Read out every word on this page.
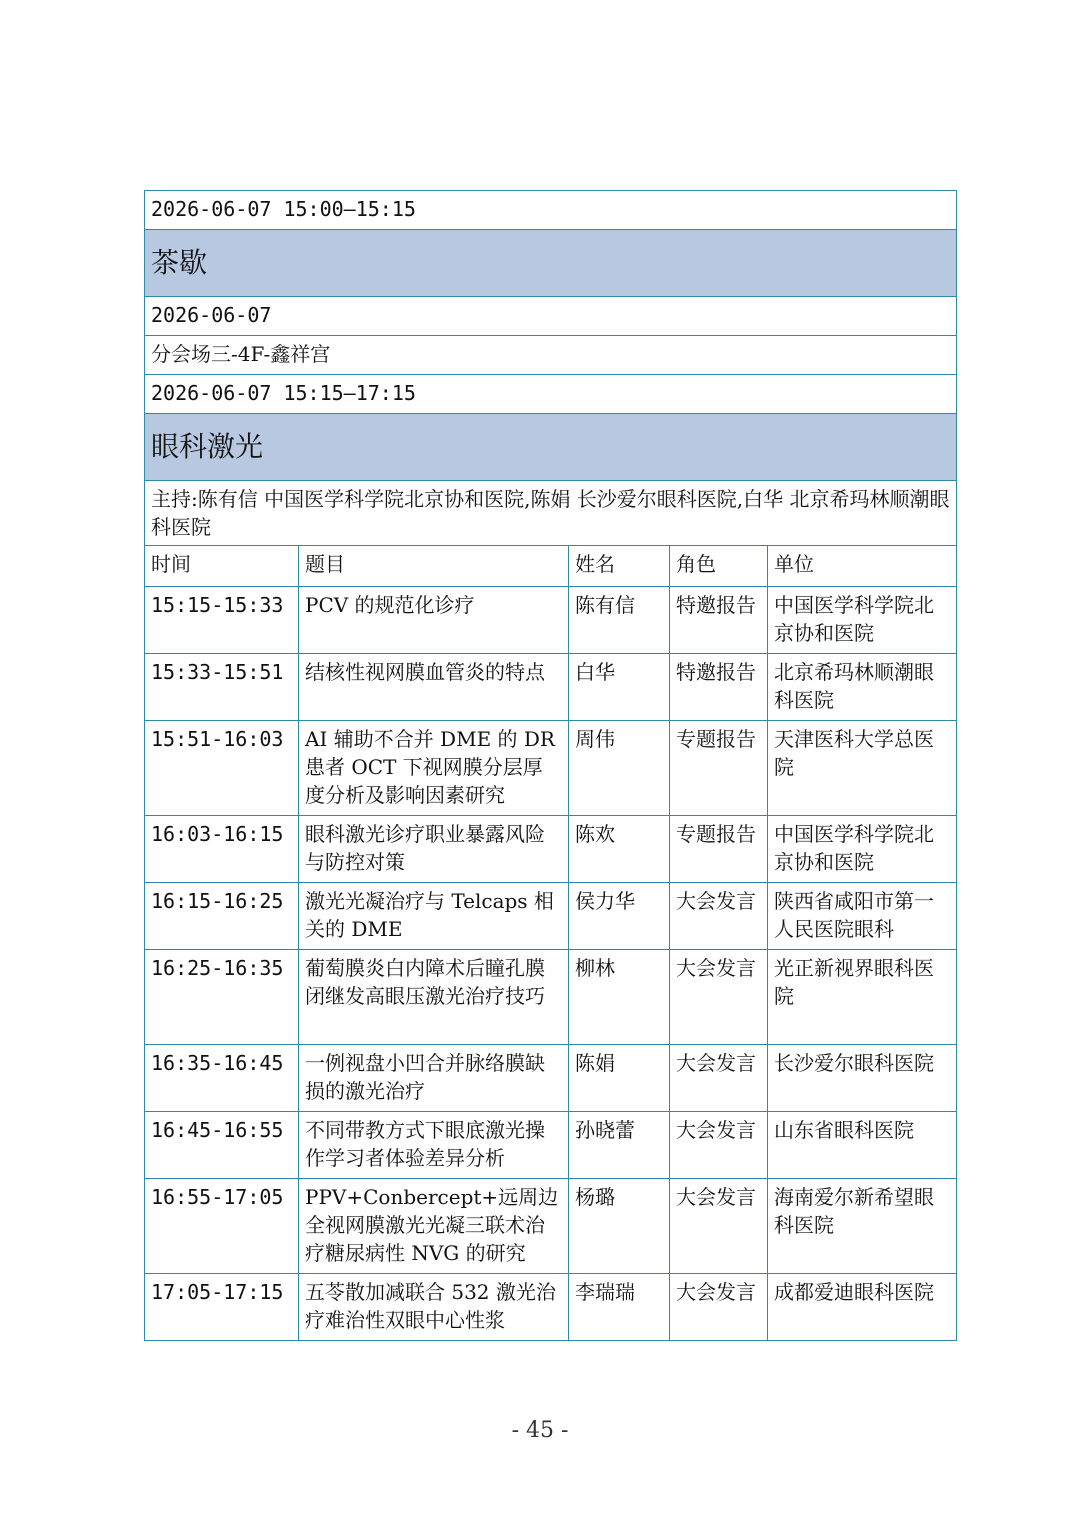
2026-06-07 15:00—15:15				
茶歇				
2026-06-07				
分会场三-4F-鑫祥宫				
2026-06-07 15:15—17:15				
眼科激光				
主持:陈有信 中国医学科学院北京协和医院,陈娟 长沙爱尔眼科医院,白华 北京希玛林顺潮眼科医院				
时间	题目	姓名	角色	单位
15:15-15:33	PCV 的规范化诊疗	陈有信	特邀报告	中国医学科学院北京协和医院
15:33-15:51	结核性视网膜血管炎的特点	白华	特邀报告	北京希玛林顺潮眼科医院
15:51-16:03	AI 辅助不合并 DME 的 DR 患者 OCT 下视网膜分层厚度分析及影响因素研究	周伟	专题报告	天津医科大学总医院
16:03-16:15	眼科激光诊疗职业暴露风险与防控对策	陈欢	专题报告	中国医学科学院北京协和医院
16:15-16:25	激光光凝治疗与 Telcaps 相关的 DME	侯力华	大会发言	陕西省咸阳市第一人民医院眼科
16:25-16:35	葡萄膜炎白内障术后瞳孔膜闭继发高眼压激光治疗技巧	柳林	大会发言	光正新视界眼科医院
16:35-16:45	一例视盘小凹合并脉络膜缺损的激光治疗	陈娟	大会发言	长沙爱尔眼科医院
16:45-16:55	不同带教方式下眼底激光操作学习者体验差异分析	孙晓蕾	大会发言	山东省眼科医院
16:55-17:05	PPV+Conbercept+远周边全视网膜激光光凝三联术治疗糖尿病性 NVG 的研究	杨璐	大会发言	海南爱尔新希望眼科医院
17:05-17:15	五苓散加减联合 532 激光治疗难治性双眼中心性浆	李瑞瑞	大会发言	成都爱迪眼科医院
- 45 -
